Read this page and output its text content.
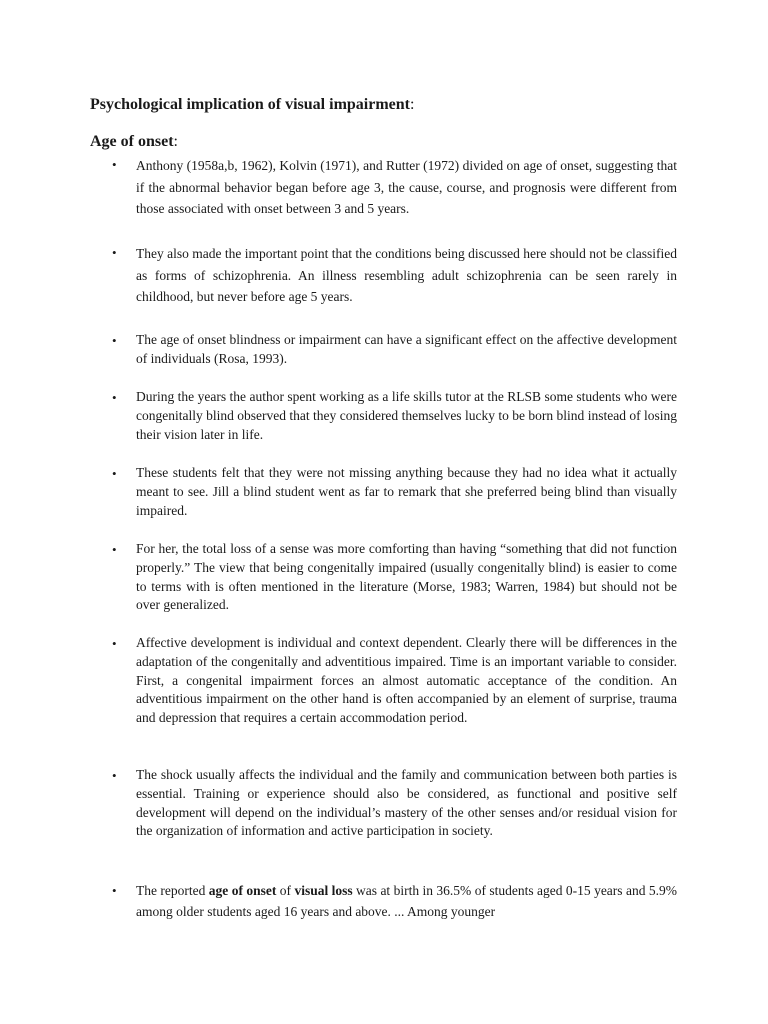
Psychological implication of visual impairment:
Age of onset:
• Anthony (1958a,b, 1962), Kolvin (1971), and Rutter (1972) divided on age of onset, suggesting that if the abnormal behavior began before age 3, the cause, course, and prognosis were different from those associated with onset between 3 and 5 years.

• They also made the important point that the conditions being discussed here should not be classified as forms of schizophrenia. An illness resembling adult schizophrenia can be seen rarely in childhood, but never before age 5 years.

• The age of onset blindness or impairment can have a significant effect on the affective development of individuals (Rosa, 1993).

• During the years the author spent working as a life skills tutor at the RLSB some students who were congenitally blind observed that they considered themselves lucky to be born blind instead of losing their vision later in life.

• These students felt that they were not missing anything because they had no idea what it actually meant to see. Jill a blind student went as far to remark that she preferred being blind than visually impaired.

• For her, the total loss of a sense was more comforting than having “something that did not function properly.” The view that being congenitally impaired (usually congenitally blind) is easier to come to terms with is often mentioned in the literature (Morse, 1983; Warren, 1984) but should not be over generalized.

• Affective development is individual and context dependent. Clearly there will be differences in the adaptation of the congenitally and adventitious impaired. Time is an important variable to consider. First, a congenital impairment forces an almost automatic acceptance of the condition. An adventitious impairment on the other hand is often accompanied by an element of surprise, trauma and depression that requires a certain accommodation period.

• The shock usually affects the individual and the family and communication between both parties is essential. Training or experience should also be considered, as functional and positive self development will depend on the individual’s mastery of the other senses and/or residual vision for the organization of information and active participation in society.

• The reported age of onset of visual loss was at birth in 36.5% of students aged 0-15 years and 5.9% among older students aged 16 years and above. ... Among younger
